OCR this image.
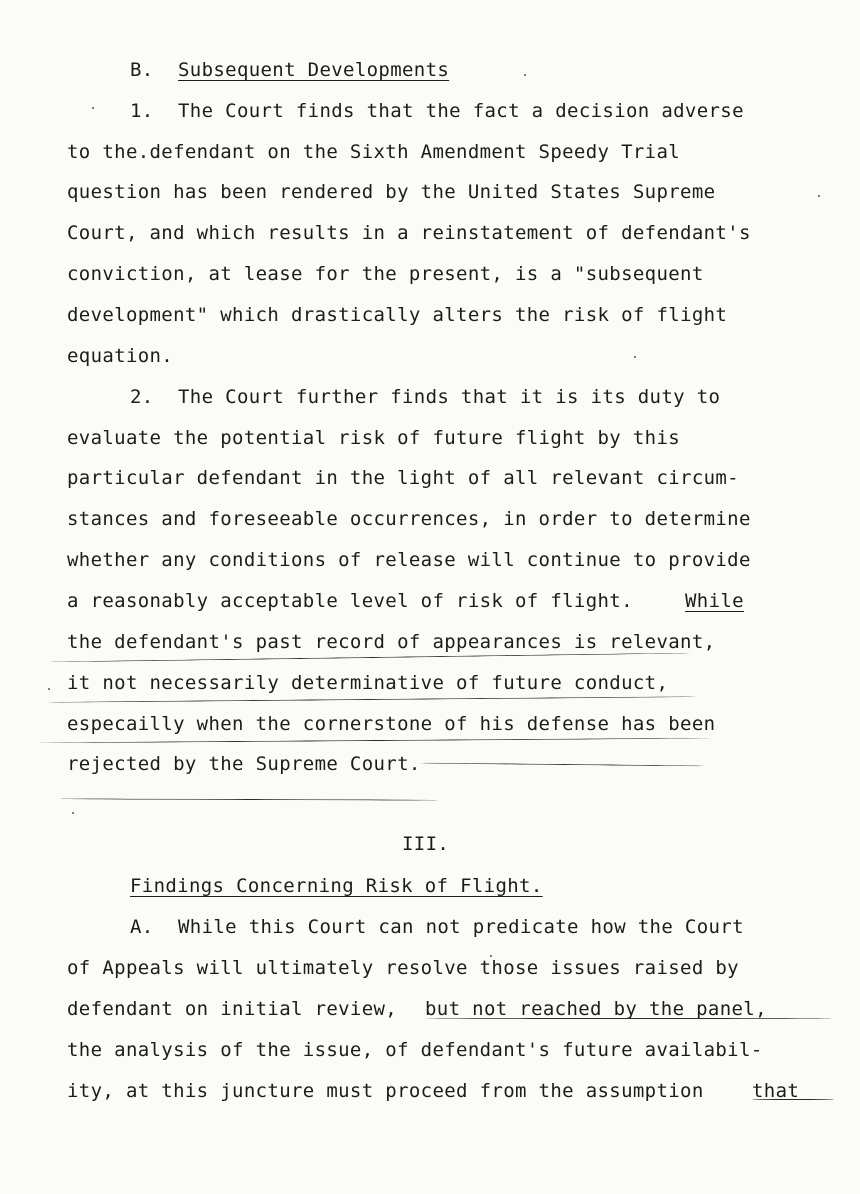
B. Subsequent Developments
1. The Court finds that the fact a decision adverse
to the.defendant on the Sixth Amendment Speedy Trial
question has been rendered by the United States Supreme
Court, and which results in a reinstatement of defendant's
conviction, at lease for the present, is a "subsequent
development" which drastically alters the risk of flight
equation.
2. The Court further finds that it is its duty to
evaluate the potential risk of future flight by this
particular defendant in the light of all relevant circum-
stances and foreseeable occurrences, in order to determine
whether any conditions of release will continue to provide
a reasonably acceptable level of risk of flight.	While
the defendant's past record of appearances is relevant,
it not necessarily determinative of future conduct,
especailly when the cornerstone of his defense has been
rejected by the Supreme Court.
III.
Findings Concerning Risk of Flight.
A. While this Court can not predicate how the Court
of Appeals will ultimately resolve those issues raised by
defendant on initial review, but not reached by the panel,
the analysis of the issue, of defendant's future availabil-
ity, at this juncture must proceed from the assumption	that
